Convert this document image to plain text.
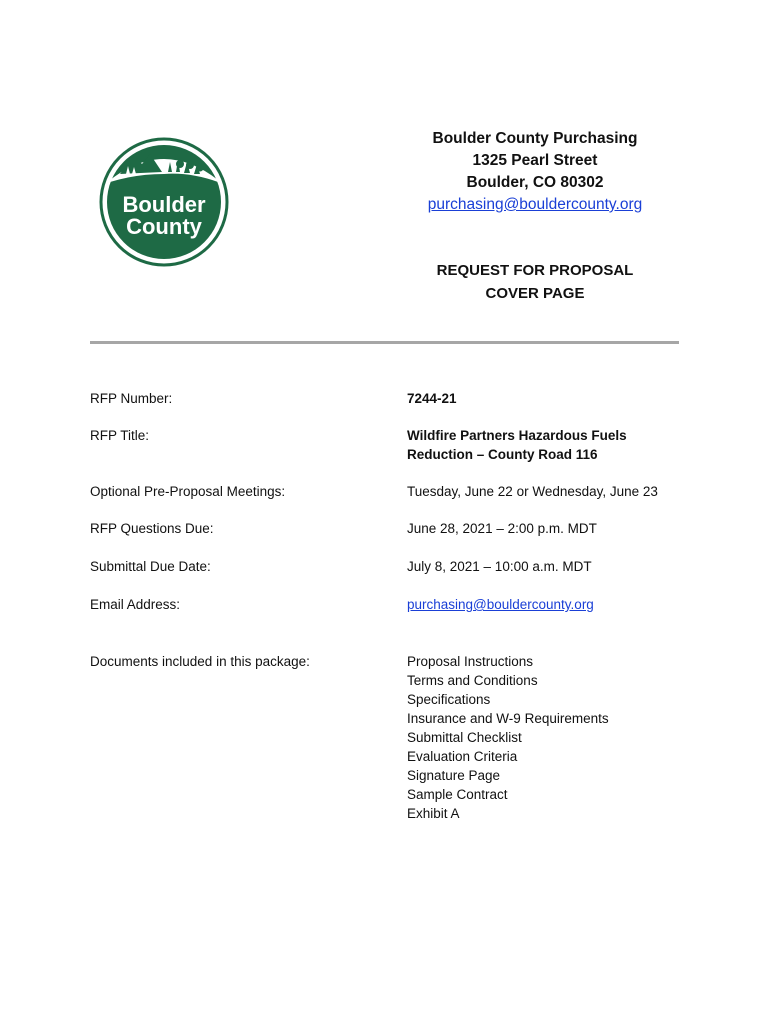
Boulder
County
Boulder County Purchasing
1325 Pearl Street
Boulder, CO 80302
purchasing@bouldercounty.org
REQUEST FOR PROPOSAL
COVER PAGE
RFP Number:	7244-21
RFP Title:	Wildfire Partners Hazardous Fuels
Reduction – County Road 116
Optional Pre-Proposal Meetings:	Tuesday, June 22 or Wednesday, June 23
RFP Questions Due:	June 28, 2021 – 2:00 p.m. MDT
Submittal Due Date:	July 8, 2021 – 10:00 a.m. MDT
Email Address:	purchasing@bouldercounty.org
Documents included in this package:	Proposal Instructions
Terms and Conditions
Specifications
Insurance and W-9 Requirements
Submittal Checklist
Evaluation Criteria
Signature Page
Sample Contract
Exhibit A
